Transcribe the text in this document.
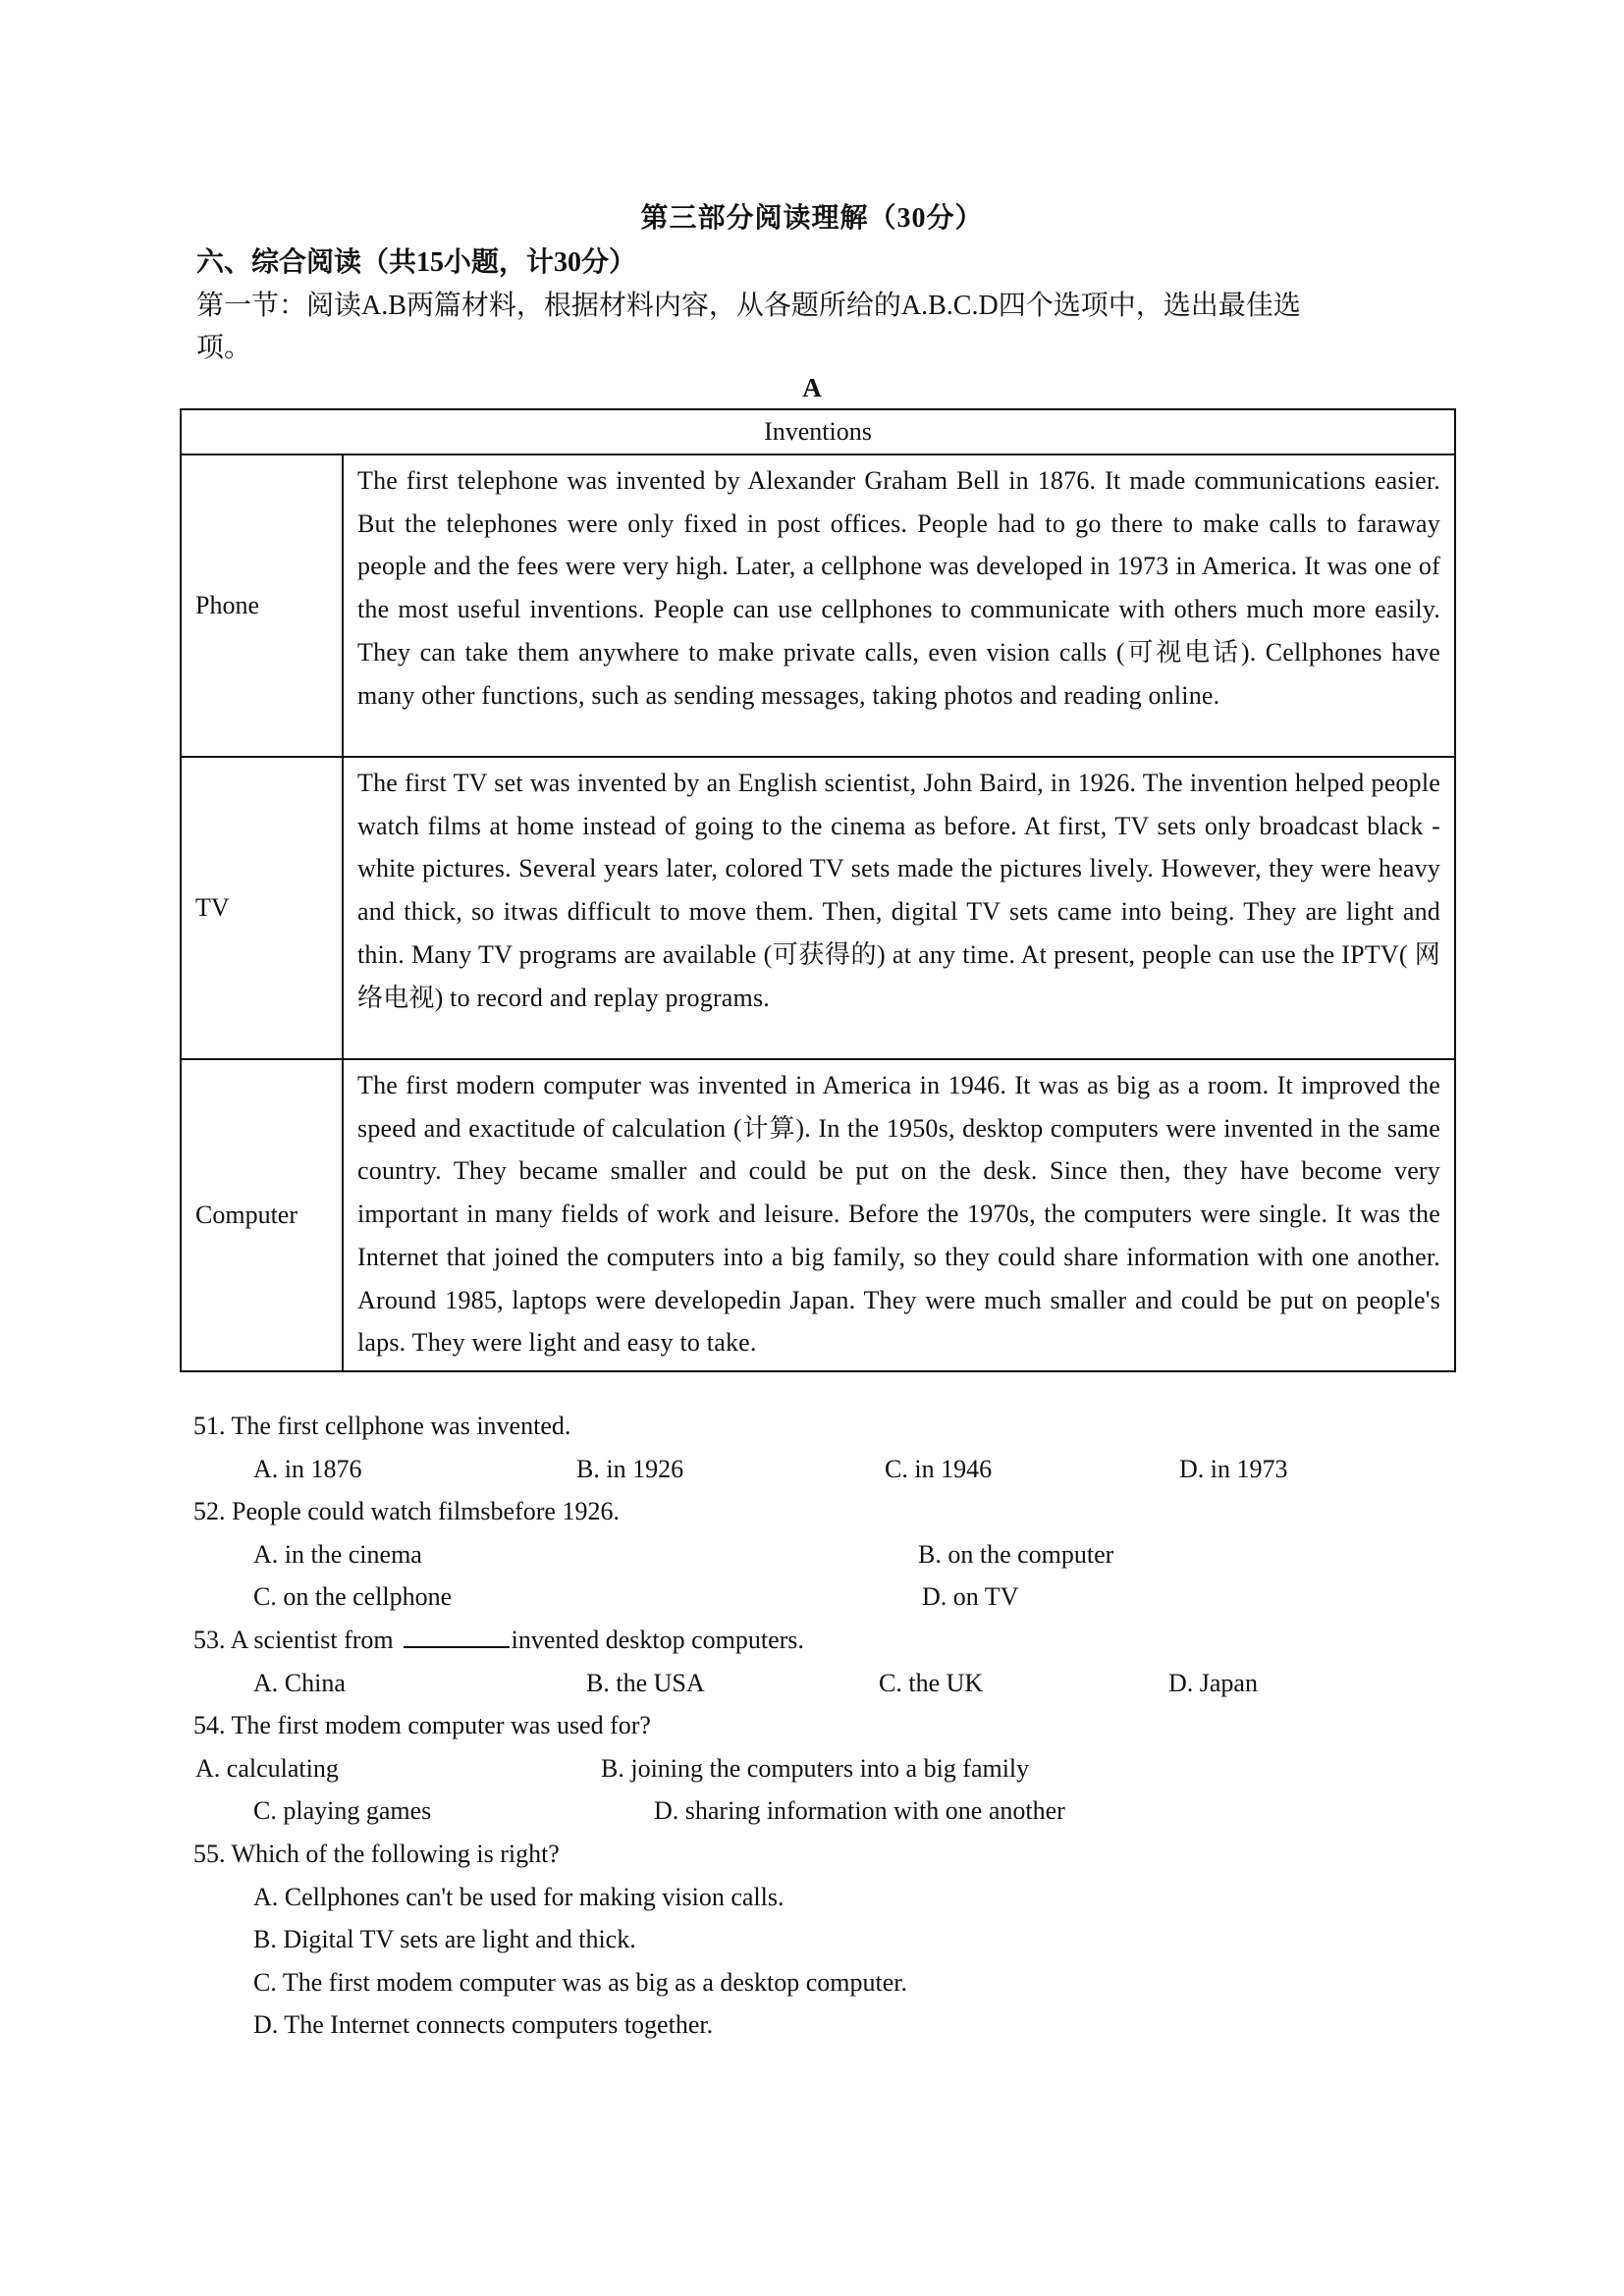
第三部分阅读理解（30分）
六、综合阅读（共15小题，计30分）
第一节：阅读A.B两篇材料，根据材料内容，从各题所给的A.B.C.D四个选项中，选出最佳选项。
A
Inventions	
Phone	The first telephone was invented by Alexander Graham Bell in 1876. It made communications easier. But the telephones were only fixed in post offices. People had to go there to make calls to faraway people and the fees were very high. Later, a cellphone was developed in 1973 in America. It was one of the most useful inventions. People can use cellphones to communicate with others much more easily. They can take them anywhere to make private calls, even vision calls (可视电话). Cellphones have many other functions, such as sending messages, taking photos and reading online.
TV	The first TV set was invented by an English scientist, John Baird, in 1926. The invention helped people watch films at home instead of going to the cinema as before. At first, TV sets only broadcast black - white pictures. Several years later, colored TV sets made the pictures lively. However, they were heavy and thick, so itwas difficult to move them. Then, digital TV sets came into being. They are light and thin. Many TV programs are available (可获得的) at any time. At present, people can use the IPTV( 网络电视) to record and replay programs.
Computer	The first modern computer was invented in America in 1946. It was as big as a room. It improved the speed and exactitude of calculation (计算). In the 1950s, desktop computers were invented in the same country. They became smaller and could be put on the desk. Since then, they have become very important in many fields of work and leisure. Before the 1970s, the computers were single. It was the Internet that joined the computers into a big family, so they could share information with one another. Around 1985, laptops were developedin Japan. They were much smaller and could be put on people's laps. They were light and easy to take.
51. The first cellphone was invented.
A. in 1876	B. in 1926	C. in 1946	D. in 1973
52. People could watch filmsbefore 1926.
A. in the cinema	B. on the computer
C. on the cellphone	D. on TV
53. A scientist from	invented desktop computers.
A. China	B. the USA	C. the UK	D. Japan
54. The first modem computer was used for?
A. calculating	B. joining the computers into a big family
C. playing games	D. sharing information with one another
55. Which of the following is right?
A. Cellphones can't be used for making vision calls.
B. Digital TV sets are light and thick.
C. The first modem computer was as big as a desktop computer.
D. The Internet connects computers together.
